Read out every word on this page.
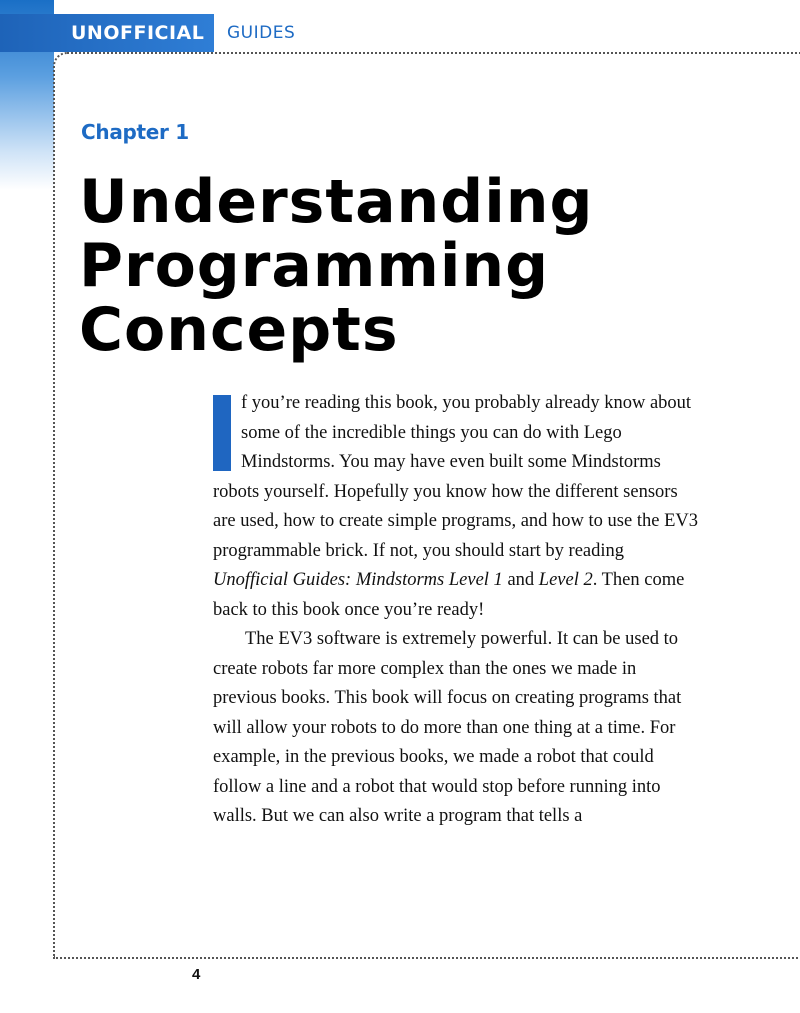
UNOFFICIAL	GUIDES
Chapter 1
Understanding
Programming
Concepts

f you’re reading this book, you probably already know about some of the incredible things you can do with Lego Mindstorms. You may have even built some Mindstorms robots yourself. Hopefully you know how the different sensors are used, how to create simple programs, and how to use the EV3 programmable brick. If not, you should start by reading Unofficial Guides: Mindstorms Level 1 and Level 2. Then come back to this book once you’re ready!

The EV3 software is extremely powerful. It can be used to create robots far more complex than the ones we made in previous books. This book will focus on creating programs that will allow your robots to do more than one thing at a time. For example, in the previous books, we made a robot that could follow a line and a robot that would stop before running into walls. But we can also write a program that tells a

4
